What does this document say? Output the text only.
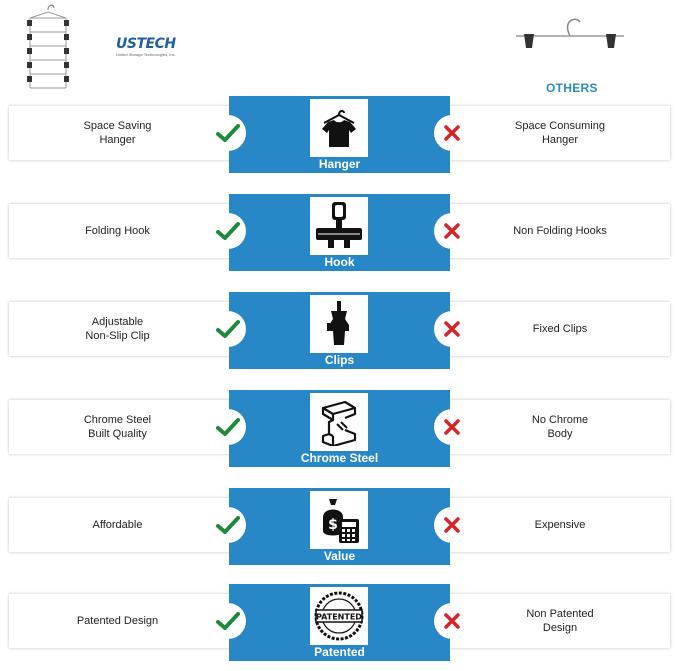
USTECH
United Storage Technologies, Inc.
OTHERS
Space Saving
Hanger
Space Consuming
Hanger
Hanger
Folding Hook	Non Folding Hooks
Hook
Adjustable
Non-Slip Clip
Fixed Clips
Clips
Chrome Steel
Built Quality
No Chrome
Body
Chrome Steel
Affordable	Expensive
$
Value
Patented Design
Non Patented
Design
PATENTED
Patented
